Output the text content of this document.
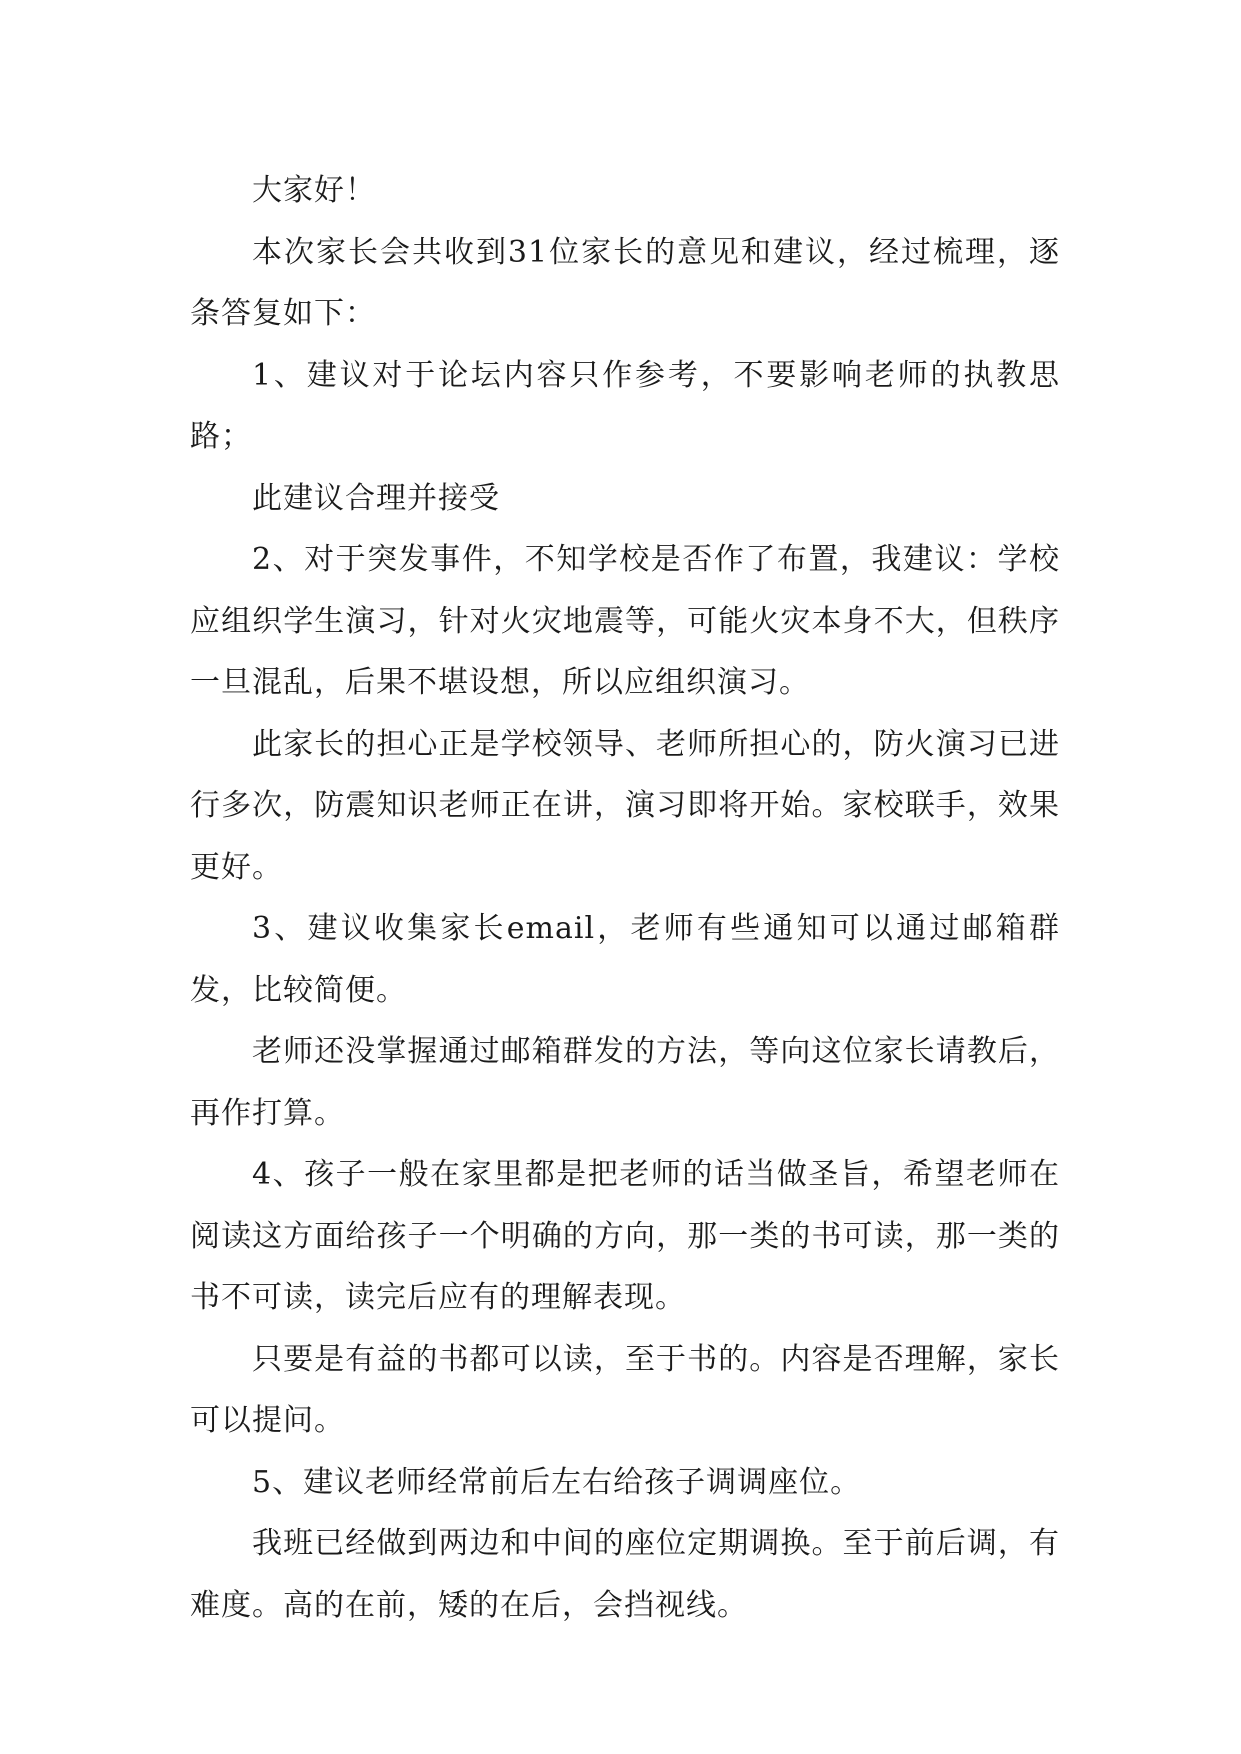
大家好！

本次家长会共收到31位家长的意见和建议，经过梳理，逐条答复如下：

1、建议对于论坛内容只作参考，不要影响老师的执教思路；

此建议合理并接受

2、对于突发事件，不知学校是否作了布置，我建议：学校应组织学生演习，针对火灾地震等，可能火灾本身不大，但秩序一旦混乱，后果不堪设想，所以应组织演习。

此家长的担心正是学校领导、老师所担心的，防火演习已进行多次，防震知识老师正在讲，演习即将开始。家校联手，效果更好。

3、建议收集家长email，老师有些通知可以通过邮箱群发，比较简便。

老师还没掌握通过邮箱群发的方法，等向这位家长请教后，再作打算。

4、孩子一般在家里都是把老师的话当做圣旨，希望老师在阅读这方面给孩子一个明确的方向，那一类的书可读，那一类的书不可读，读完后应有的理解表现。

只要是有益的书都可以读，至于书的。内容是否理解，家长可以提问。

5、建议老师经常前后左右给孩子调调座位。

我班已经做到两边和中间的座位定期调换。至于前后调，有难度。高的在前，矮的在后，会挡视线。
